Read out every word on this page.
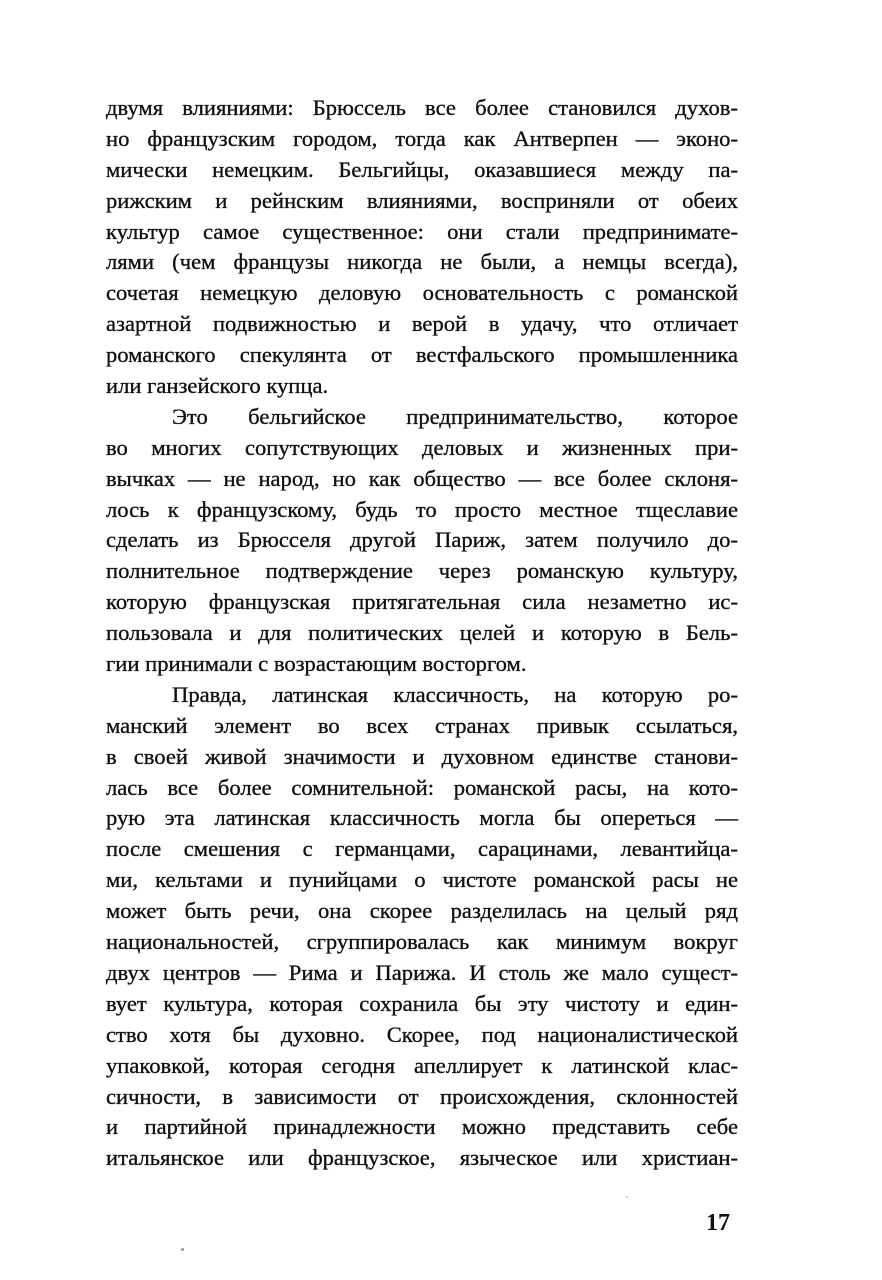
двумя влияниями: Брюссель все более становился духов-
но французским городом, тогда как Антверпен — эконо-
мически немецким. Бельгийцы, оказавшиеся между па-
рижским и рейнским влияниями, восприняли от обеих
культур самое существенное: они стали предпринимате-
лями (чем французы никогда не были, а немцы всегда),
сочетая немецкую деловую основательность с романской
азартной подвижностью и верой в удачу, что отличает
романского спекулянта от вестфальского промышленника
или ганзейского купца.
Это бельгийское предпринимательство, которое
во многих сопутствующих деловых и жизненных при-
вычках — не народ, но как общество — все более склоня-
лось к французскому, будь то просто местное тщеславие
сделать из Брюсселя другой Париж, затем получило до-
полнительное подтверждение через романскую культуру,
которую французская притягательная сила незаметно ис-
пользовала и для политических целей и которую в Бель-
гии принимали с возрастающим восторгом.
Правда, латинская классичность, на которую ро-
манский элемент во всех странах привык ссылаться,
в своей живой значимости и духовном единстве станови-
лась все более сомнительной: романской расы, на кото-
рую эта латинская классичность могла бы опереться —
после смешения с германцами, сарацинами, левантийца-
ми, кельтами и пунийцами о чистоте романской расы не
может быть речи, она скорее разделилась на целый ряд
национальностей, сгруппировалась как минимум вокруг
двух центров — Рима и Парижа. И столь же мало сущест-
вует культура, которая сохранила бы эту чистоту и един-
ство хотя бы духовно. Скорее, под националистической
упаковкой, которая сегодня апеллирует к латинской клас-
сичности, в зависимости от происхождения, склонностей
и партийной принадлежности можно представить себе
итальянское или французское, языческое или христиан-
17
